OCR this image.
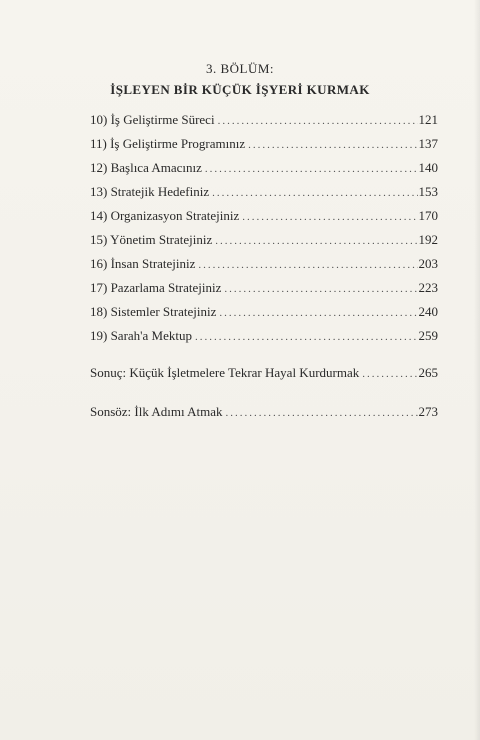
3. BÖLÜM:
İŞLEYEN BİR KÜÇÜK İŞYERİ KURMAK
10) İş Geliştirme Süreci .....	121
11) İş Geliştirme Programınız .....	137
12) Başlıca Amacınız .....	140
13) Stratejik Hedefiniz .....	153
14) Organizasyon Stratejiniz .....	170
15) Yönetim Stratejiniz .....	192
16) İnsan Stratejiniz .....	203
17) Pazarlama Stratejiniz .....	223
18) Sistemler Stratejiniz .....	240
19) Sarah'a Mektup .....	259
Sonuç: Küçük İşletmelere Tekrar Hayal Kurdurmak .....	265
Sonsöz: İlk Adımı Atmak .....	273
